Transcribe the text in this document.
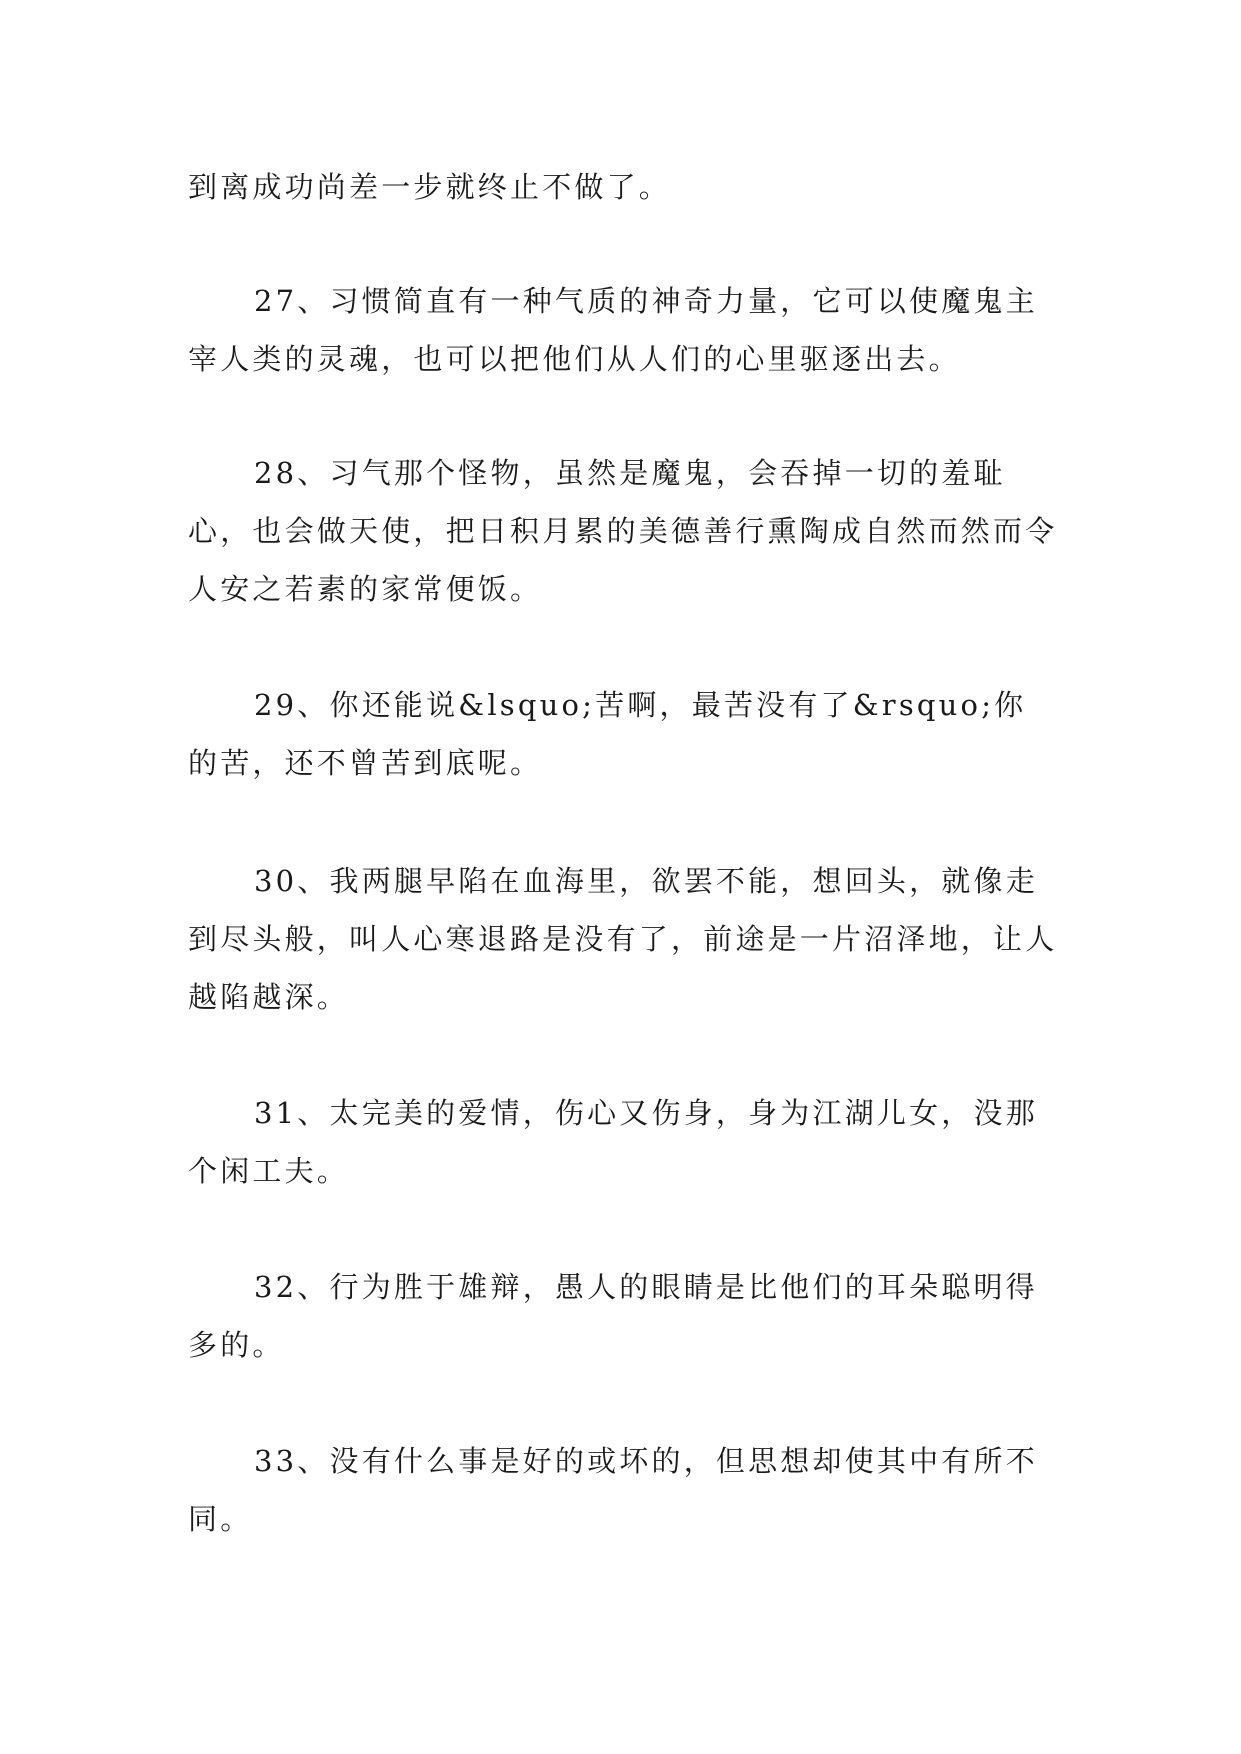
到离成功尚差一步就终止不做了。

27、习惯简直有一种气质的神奇力量，它可以使魔鬼主宰人类的灵魂，也可以把他们从人们的心里驱逐出去。

28、习气那个怪物，虽然是魔鬼，会吞掉一切的羞耻心，也会做天使，把日积月累的美德善行熏陶成自然而然而令人安之若素的家常便饭。

29、你还能说&lsquo;苦啊，最苦没有了&rsquo;你的苦，还不曾苦到底呢。

30、我两腿早陷在血海里，欲罢不能，想回头，就像走到尽头般，叫人心寒退路是没有了，前途是一片沼泽地，让人越陷越深。

31、太完美的爱情，伤心又伤身，身为江湖儿女，没那个闲工夫。

32、行为胜于雄辩，愚人的眼睛是比他们的耳朵聪明得多的。

33、没有什么事是好的或坏的，但思想却使其中有所不同。
